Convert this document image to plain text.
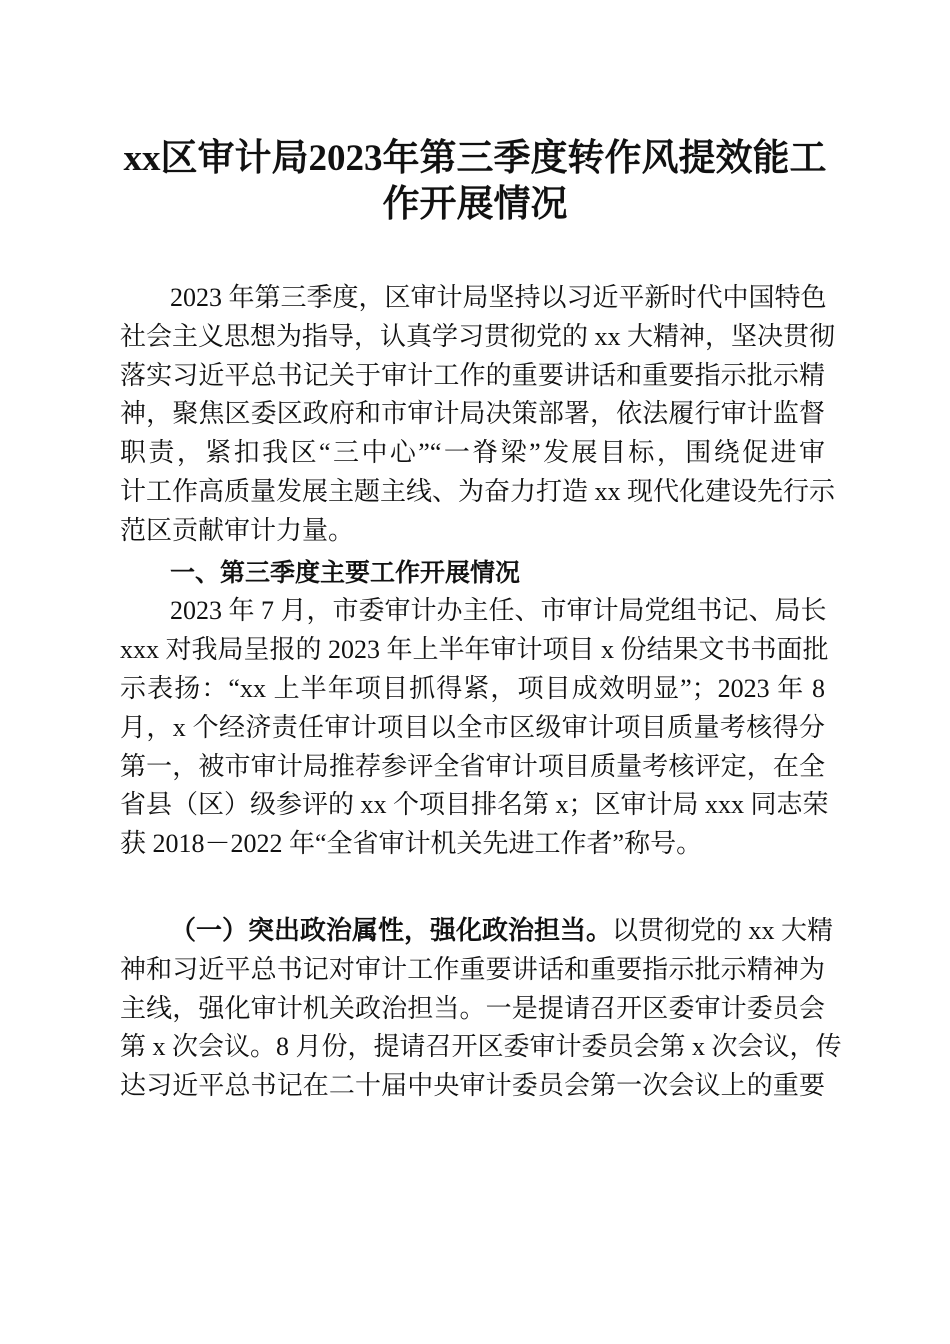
xx区审计局2023年第三季度转作风提效能工
作开展情况
2023 年第三季度，区审计局坚持以习近平新时代中国特色
社会主义思想为指导，认真学习贯彻党的 xx 大精神，坚决贯彻
落实习近平总书记关于审计工作的重要讲话和重要指示批示精
神，聚焦区委区政府和市审计局决策部署，依法履行审计监督
职责，紧扣我区“三中心”“一脊梁”发展目标，围绕促进审
计工作高质量发展主题主线、为奋力打造 xx 现代化建设先行示
范区贡献审计力量。
一、第三季度主要工作开展情况
2023 年 7 月，市委审计办主任、市审计局党组书记、局长
xxx 对我局呈报的 2023 年上半年审计项目 x 份结果文书书面批
示表扬：“xx 上半年项目抓得紧，项目成效明显”；2023 年 8
月，x 个经济责任审计项目以全市区级审计项目质量考核得分
第一，被市审计局推荐参评全省审计项目质量考核评定，在全
省县（区）级参评的 xx 个项目排名第 x；区审计局 xxx 同志荣
获 2018－2022 年“全省审计机关先进工作者”称号。
（一）突出政治属性，强化政治担当。以贯彻党的 xx 大精
神和习近平总书记对审计工作重要讲话和重要指示批示精神为
主线，强化审计机关政治担当。一是提请召开区委审计委员会
第 x 次会议。8 月份，提请召开区委审计委员会第 x 次会议，传
达习近平总书记在二十届中央审计委员会第一次会议上的重要
